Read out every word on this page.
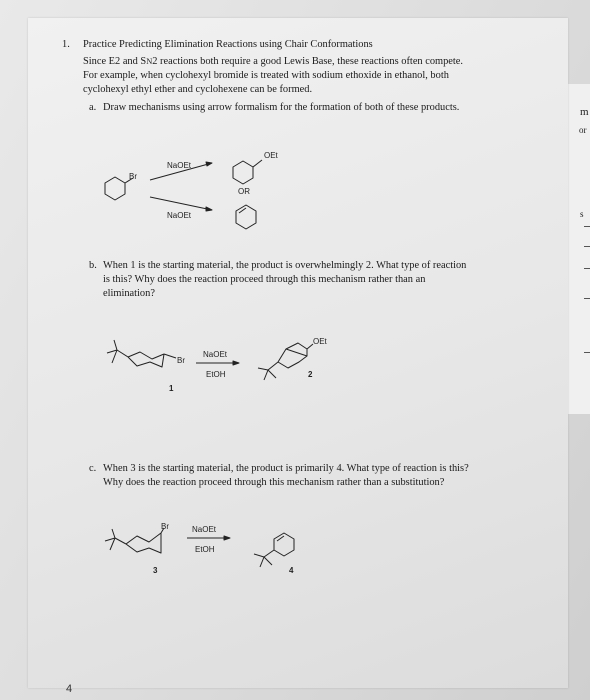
m
or
s
1. Practice Predicting Elimination Reactions using Chair Conformations
Since E2 and SN2 reactions both require a good Lewis Base, these reactions often compete.
For example, when cyclohexyl bromide is treated with sodium ethoxide in ethanol, both
cyclohexyl ethyl ether and cyclohexene can be formed.
a. Draw mechanisms using arrow formalism for the formation of both of these products.
Br
NaOEt
NaOEt
OR
OEt
b. When 1 is the starting material, the product is overwhelmingly 2. What type of reaction
is this? Why does the reaction proceed through this mechanism rather than an
elimination?
Br
NaOEt
EtOH
1
2
OEt
c. When 3 is the starting material, the product is primarily 4. What type of reaction is this?
Why does the reaction proceed through this mechanism rather than a substitution?
Br	NaOEt
EtOH
3	4
4
